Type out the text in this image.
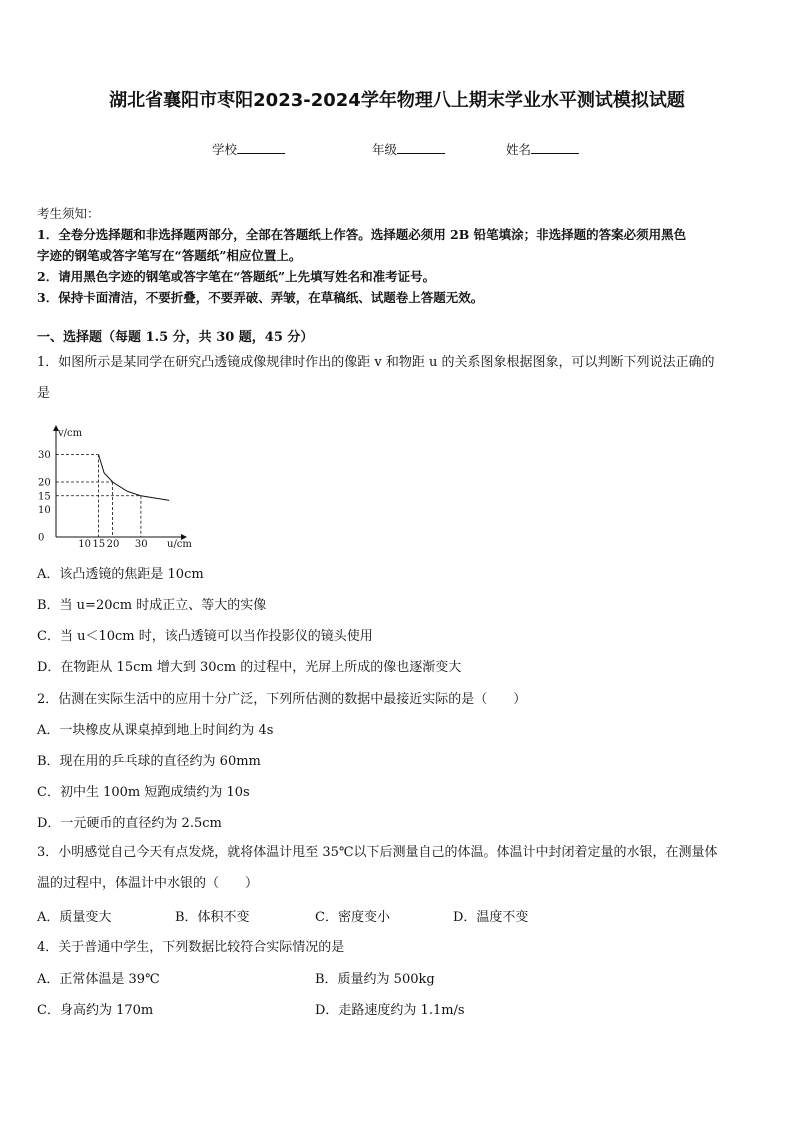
湖北省襄阳市枣阳2023-2024学年物理八上期末学业水平测试模拟试题
学校	年级	姓名
考生须知：
1．全卷分选择题和非选择题两部分，全部在答题纸上作答。选择题必须用 2B 铅笔填涂；非选择题的答案必须用黑色
字迹的钢笔或答字笔写在“答题纸”相应位置上。
2．请用黑色字迹的钢笔或答字笔在“答题纸”上先填写姓名和准考证号。
3．保持卡面清洁，不要折叠，不要弄破、弄皱，在草稿纸、试题卷上答题无效。
一、选择题（每题 1.5 分，共 30 题，45 分）
1．如图所示是某同学在研究凸透镜成像规律时作出的像距 v 和物距 u 的关系图象根据图象，可以判断下列说法正确的
是
v/cm
u/cm
30
20
15
10
0
10 15 20 30
A．该凸透镜的焦距是 10cm
B．当 u=20cm 时成正立、等大的实像
C．当 u＜10cm 时，该凸透镜可以当作投影仪的镜头使用
D．在物距从 15cm 增大到 30cm 的过程中，光屏上所成的像也逐渐变大
2．估测在实际生活中的应用十分广泛，下列所估测的数据中最接近实际的是（　　）
A．一块橡皮从课桌掉到地上时间约为 4s
B．现在用的乒乓球的直径约为 60mm
C．初中生 100m 短跑成绩约为 10s
D．一元硬币的直径约为 2.5cm
3．小明感觉自己今天有点发烧，就将体温计甩至 35℃以下后测量自己的体温。体温计中封闭着定量的水银，在测量体
温的过程中，体温计中水银的（　　）
A．质量变大	B．体积不变	C．密度变小	D．温度不变
4．关于普通中学生，下列数据比较符合实际情况的是
A．正常体温是 39℃	B．质量约为 500kg
C．身高约为 170m	D．走路速度约为 1.1m/s
